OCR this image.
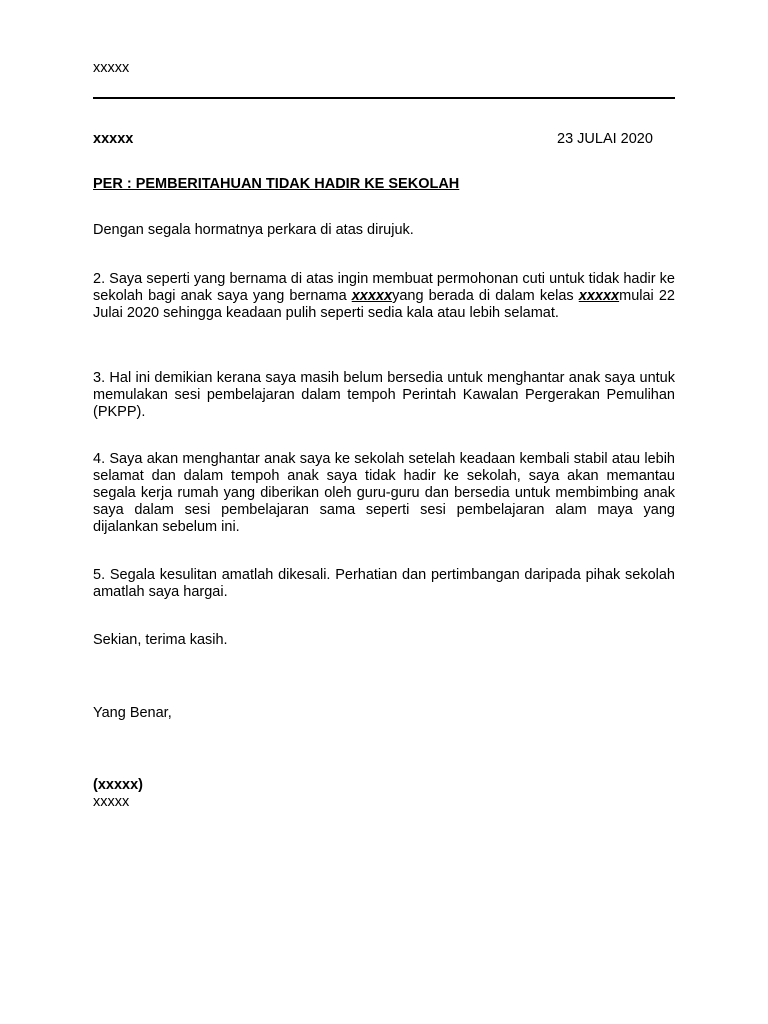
xxxxx
xxxxx	23 JULAI 2020
PER : PEMBERITAHUAN TIDAK HADIR KE SEKOLAH
Dengan segala hormatnya perkara di atas dirujuk.
2. Saya seperti yang bernama di atas ingin membuat permohonan cuti untuk tidak hadir ke sekolah bagi anak saya yang bernama xxxxxyang berada di dalam kelas xxxxxmulai 22 Julai 2020 sehingga keadaan pulih seperti sedia kala atau lebih selamat.
3. Hal ini demikian kerana saya masih belum bersedia untuk menghantar anak saya untuk memulakan sesi pembelajaran dalam tempoh Perintah Kawalan Pergerakan Pemulihan (PKPP).
4. Saya akan menghantar anak saya ke sekolah setelah keadaan kembali stabil atau lebih selamat dan dalam tempoh anak saya tidak hadir ke sekolah, saya akan memantau segala kerja rumah yang diberikan oleh guru-guru dan bersedia untuk membimbing anak saya dalam sesi pembelajaran sama seperti sesi pembelajaran alam maya yang dijalankan sebelum ini.
5. Segala kesulitan amatlah dikesali. Perhatian dan pertimbangan daripada pihak sekolah amatlah saya hargai.
Sekian, terima kasih.
Yang Benar,
(xxxxx)
xxxxx
